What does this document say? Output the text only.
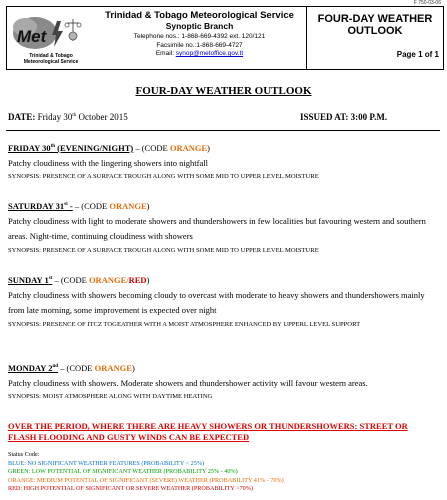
F 750-03-06
Met
Trinidad & Tobago Meteorological Service
Trinidad & Tobago Meteorological Service
Synoptic Branch
Telephone nos.: 1-868-669-4392 ext. 120/121
Facsimile no.:1-868-669-4727
Email: synop@metoffice.gov.tt
FOUR-DAY WEATHER
OUTLOOK
Page 1 of 1
FOUR-DAY WEATHER OUTLOOK
DATE: Friday 30th October 2015	ISSUED AT: 3:00 P.M.
FRIDAY 30th (EVENING/NIGHT) – (CODE ORANGE)
Patchy cloudiness with the lingering showers into nightfall
SYNOPSIS: PRESENCE OF A SURFACE TROUGH ALONG WITH SOME MID TO UPPER LEVEL MOISTURE
SATURDAY 31st - – (CODE ORANGE)
Patchy cloudiness with light to moderate showers and thundershowers in few localities but favouring western and southern areas. Night-time, continuing cloudiness with showers
SYNOPSIS: PRESENCE OF A SURFACE TROUGH ALONG WITH SOME MID TO UPPER LEVEL MOISTURE
SUNDAY 1st – (CODE ORANGE/RED)
Patchy cloudiness with showers becoming cloudy to overcast with moderate to heavy showers and thundershowers mainly from late morning, some improvement is expected over night
SYNOPSIS: PRESENCE OF ITCZ TOGEATHER WITH A MOIST ATMOSPHERE ENHANCED BY UPPERL LEVEL SUPPORT
MONDAY 2nd – (CODE ORANGE)
Patchy cloudiness with showers. Moderate showers and thundershower activity will favour western areas.
SYNOPSIS: MOIST ATMOSPHERE ALONG WITH DAYTIME HEATING
OVER THE PERIOD, WHERE THERE ARE HEAVY SHOWERS OR THUNDERSHOWERS: STREET OR FLASH FLOODING AND GUSTY WINDS CAN BE EXPECTED
Status Code:
BLUE: NO SIGNIFICANT WEATHER FEATURES (PROBABILITY < 25%)
GREEN: LOW POTENTIAL OF SIGNIFICANT WEATHER (PROBABILITY 25% - 40%)
ORANGE: MEDIUM POTENTIAL OF SIGNIFICANT (SEVERE) WEATHER (PROBABILITY 41% - 70%)
RED: HIGH POTENTIAL OF SIGNIFICANT OR SEVERE WEATHER (PROBABILITY >70%)
